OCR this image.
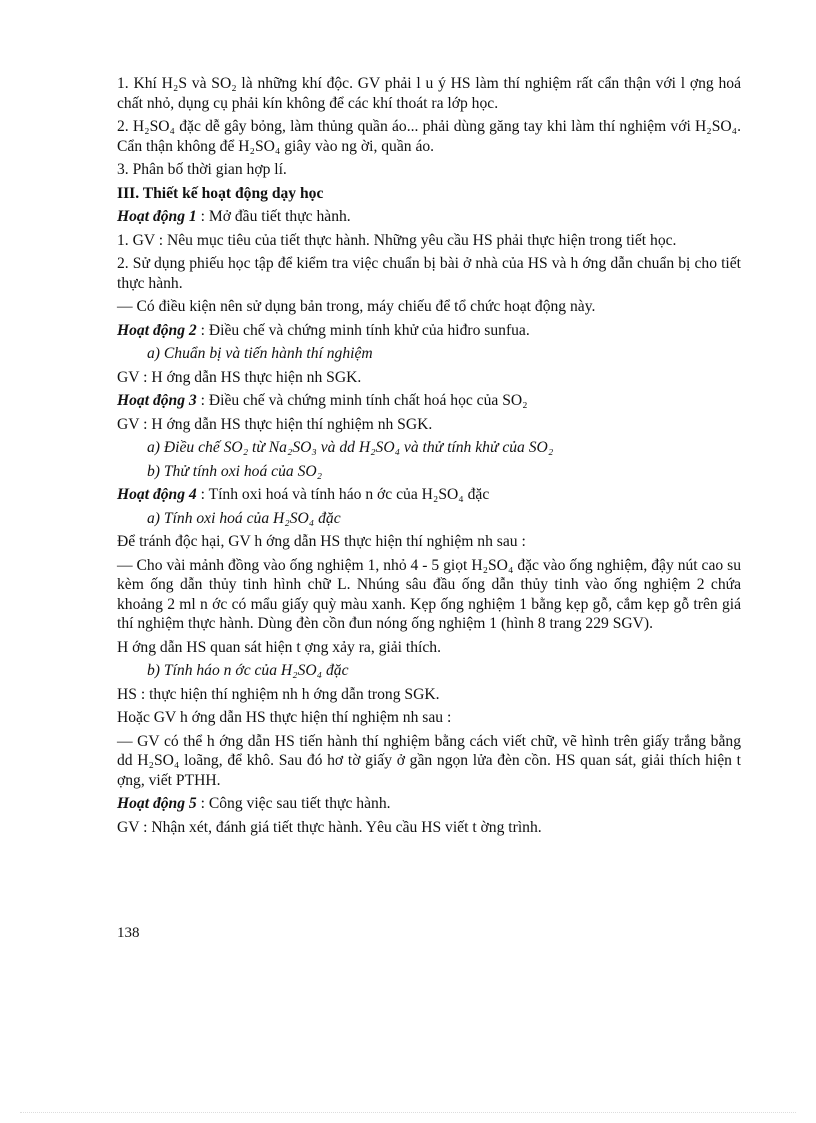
1. Khí H₂S và SO₂ là những khí độc. GV phải l u ý HS làm thí nghiệm rất cẩn thận với l ợng hoá chất nhỏ, dụng cụ phải kín không để các khí thoát ra lớp học.

2. H₂SO₄ đặc dễ gây bỏng, làm thủng quần áo... phải dùng găng tay khi làm thí nghiệm với H₂SO₄. Cẩn thận không để H₂SO₄ giây vào ng ời, quần áo.

3. Phân bố thời gian hợp lí.

III. Thiết kế hoạt động dạy học

Hoạt động 1 : Mở đầu tiết thực hành.

1. GV : Nêu mục tiêu của tiết thực hành. Những yêu cầu HS phải thực hiện trong tiết học.

2. Sử dụng phiếu học tập để kiểm tra việc chuẩn bị bài ở nhà của HS và h ớng dẫn chuẩn bị cho tiết thực hành.

— Có điều kiện nên sử dụng bản trong, máy chiếu để tổ chức hoạt động này.

Hoạt động 2 : Điều chế và chứng minh tính khử của hiđro sunfua.

a) Chuẩn bị và tiến hành thí nghiệm

GV : H ớng dẫn HS thực hiện nh SGK.

Hoạt động 3 : Điều chế và chứng minh tính chất hoá học của SO₂

GV : H ớng dẫn HS thực hiện thí nghiệm nh SGK.

a) Điều chế SO₂ từ Na₂SO₃ và dd H₂SO₄ và thử tính khử của SO₂

b) Thử tính oxi hoá của SO₂

Hoạt động 4 : Tính oxi hoá và tính háo n ớc của H₂SO₄ đặc

a) Tính oxi hoá của H₂SO₄ đặc

Để tránh độc hại, GV h ớng dẫn HS thực hiện thí nghiệm nh sau :

— Cho vài mảnh đồng vào ống nghiệm 1, nhỏ 4 - 5 giọt H₂SO₄ đặc vào ống nghiệm, đậy nút cao su kèm ống dẫn thủy tinh hình chữ L. Nhúng sâu đầu ống dẫn thủy tinh vào ống nghiệm 2 chứa khoảng 2 ml n ớc có mẩu giấy quỳ màu xanh. Kẹp ống nghiệm 1 bằng kẹp gỗ, cắm kẹp gỗ trên giá thí nghiệm thực hành. Dùng đèn cồn đun nóng ống nghiệm 1 (hình 8 trang 229 SGV).

H ớng dẫn HS quan sát hiện t ợng xảy ra, giải thích.

b) Tính háo n ớc của H₂SO₄ đặc

HS : thực hiện thí nghiệm nh h ớng dẫn trong SGK.

Hoặc GV h ớng dẫn HS thực hiện thí nghiệm nh sau :

— GV có thể h ớng dẫn HS tiến hành thí nghiệm bằng cách viết chữ, vẽ hình trên giấy trắng bằng dd H₂SO₄ loãng, để khô. Sau đó hơ tờ giấy ở gần ngọn lửa đèn cồn. HS quan sát, giải thích hiện t ợng, viết PTHH.

Hoạt động 5 : Công việc sau tiết thực hành.

GV : Nhận xét, đánh giá tiết thực hành. Yêu cầu HS viết t ờng trình.

138
